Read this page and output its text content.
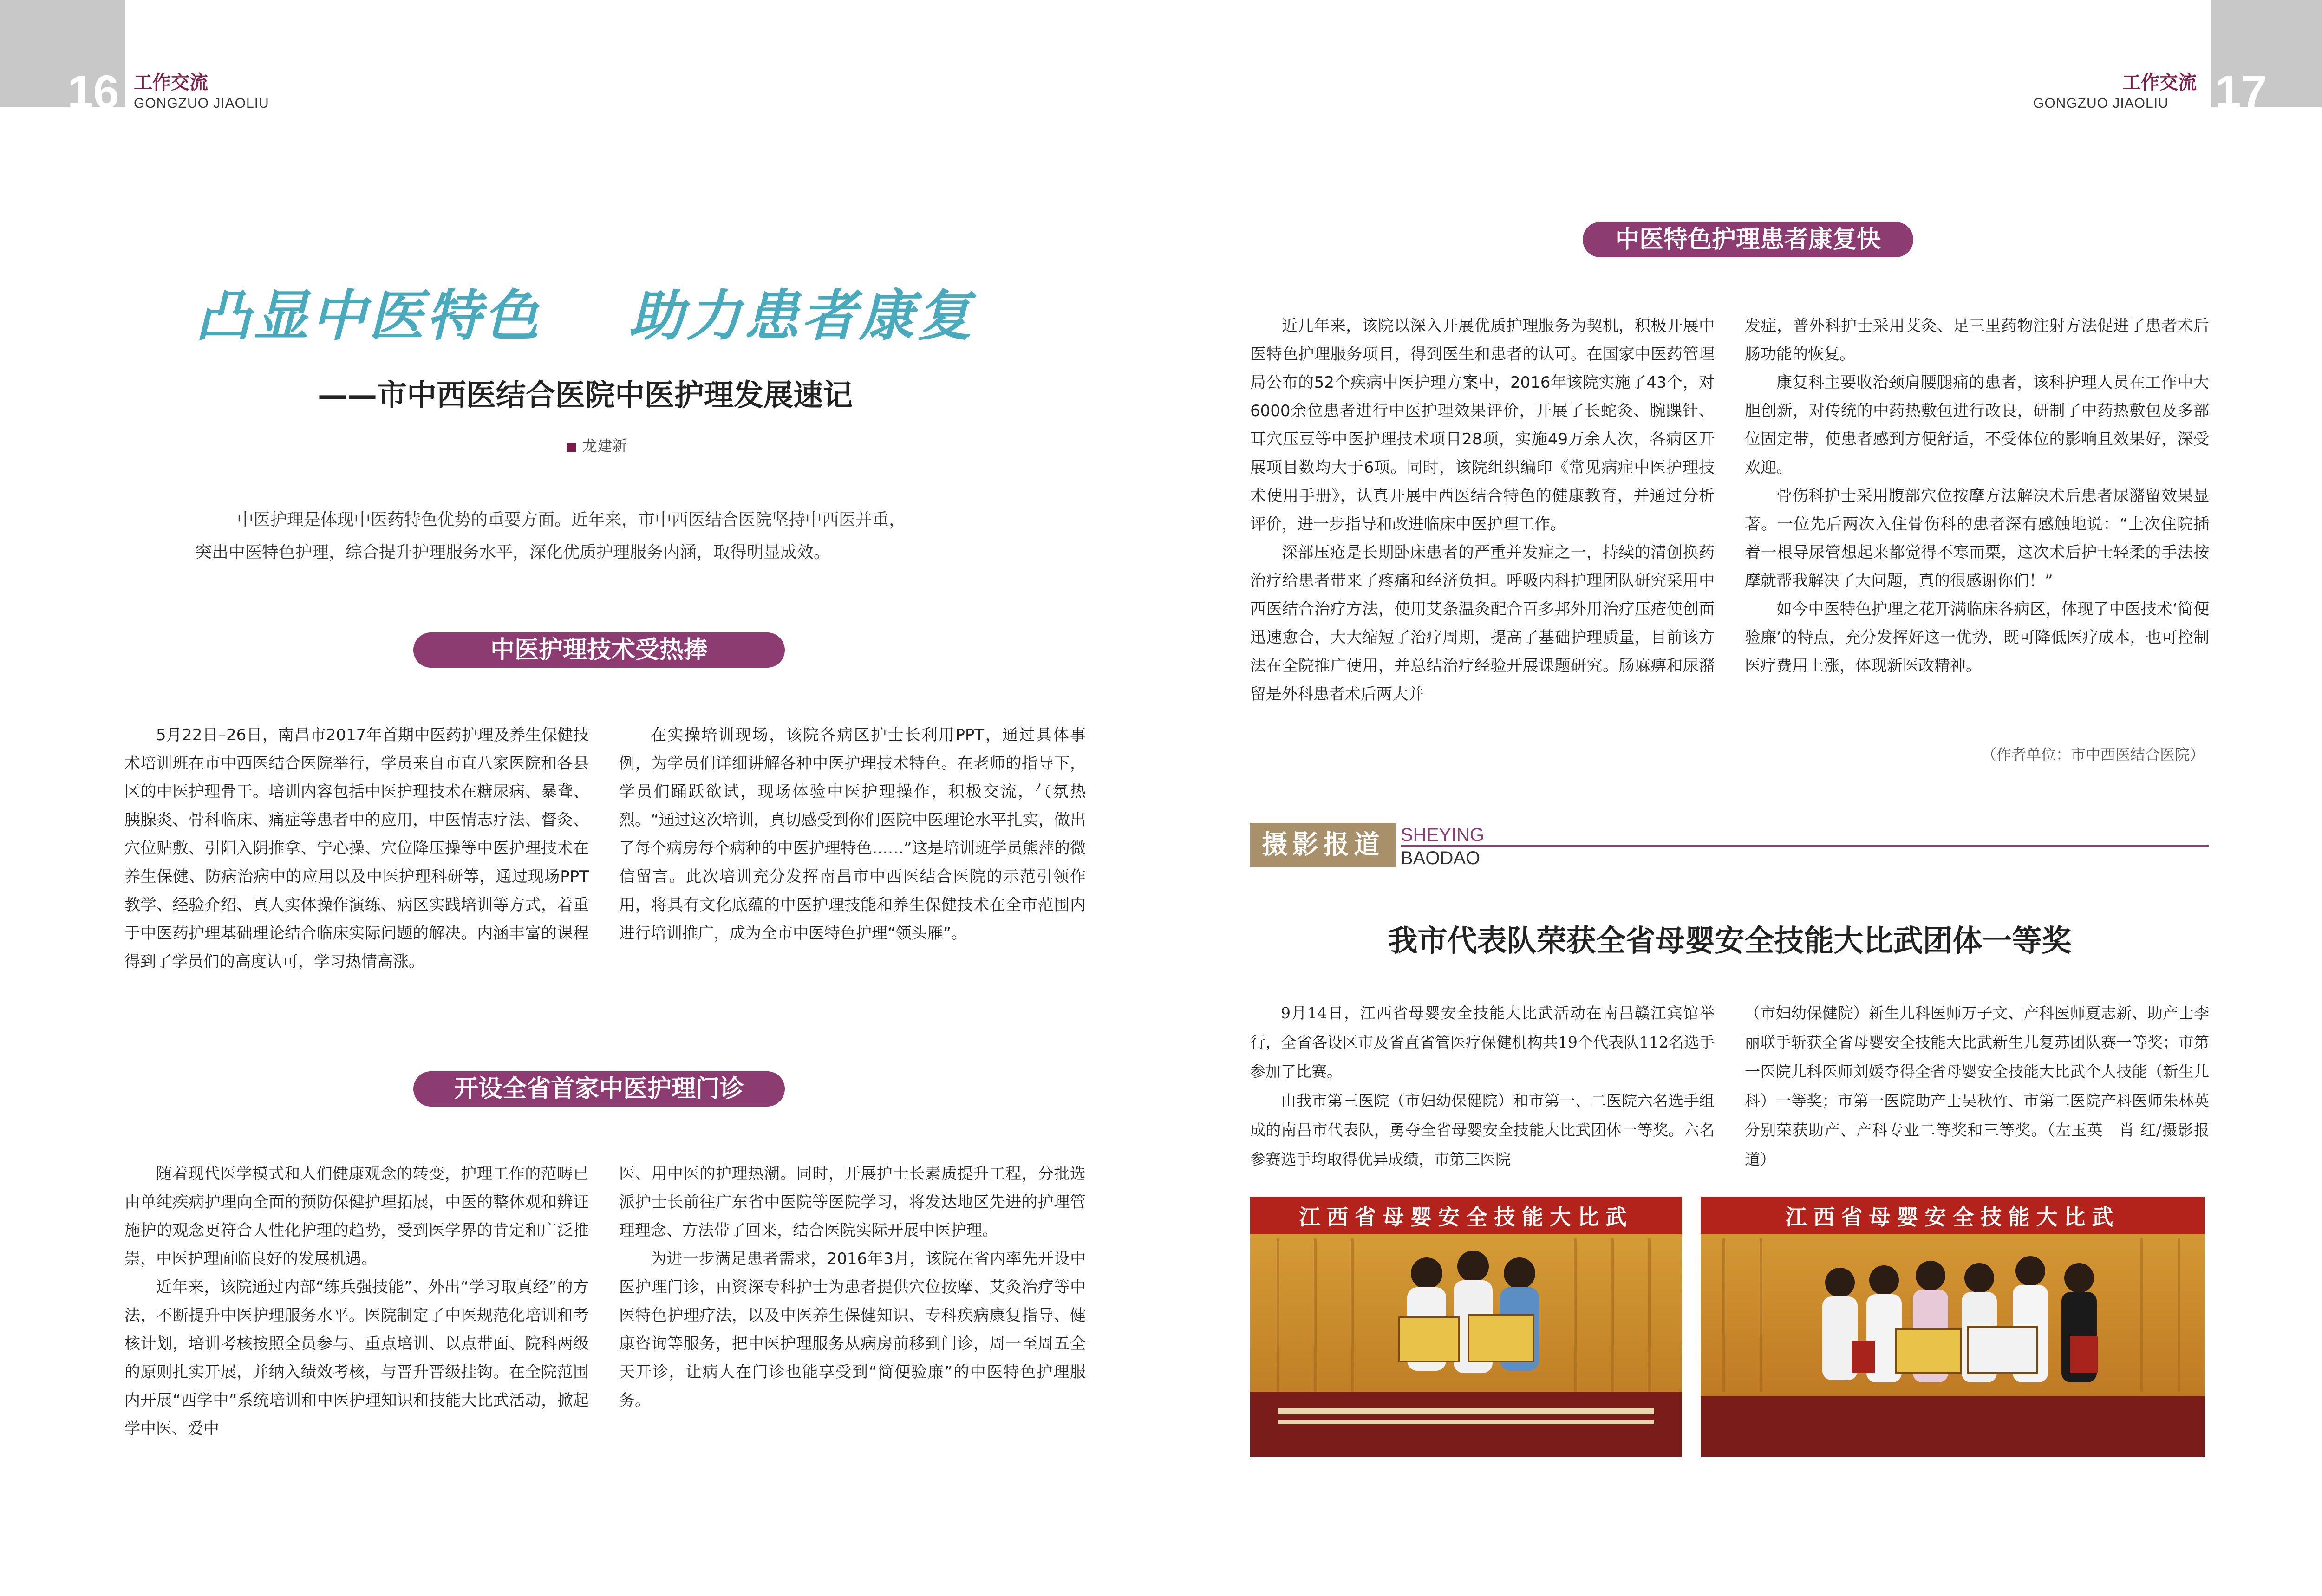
16 工作交流
GONGZUO JIAOLIU
凸显中医特色 助力患者康复
——市中西医结合医院中医护理发展速记
龙建新
中医护理是体现中医药特色优势的重要方面。近年来，市中西医结合医院坚持中西医并重，
突出中医特色护理，综合提升护理服务水平，深化优质护理服务内涵，取得明显成效。
中医护理技术受热捧

5月22日–26日，南昌市2017年首期中医药护理及养生保健技术培训班在市中西医结合医院举行，学员来自市直八家医院和各县区的中医护理骨干。培训内容包括中医护理技术在糖尿病、暴聋、胰腺炎、骨科临床、痛症等患者中的应用，中医情志疗法、督灸、穴位贴敷、引阳入阴推拿、宁心操、穴位降压操等中医护理技术在养生保健、防病治病中的应用以及中医护理科研等，通过现场PPT教学、经验介绍、真人实体操作演练、病区实践培训等方式，着重于中医药护理基础理论结合临床实际问题的解决。内涵丰富的课程得到了学员们的高度认可，学习热情高涨。

在实操培训现场，该院各病区护士长利用PPT，通过具体事例，为学员们详细讲解各种中医护理技术特色。在老师的指导下，学员们踊跃欲试，现场体验中医护理操作，积极交流，气氛热烈。“通过这次培训，真切感受到你们医院中医理论水平扎实，做出了每个病房每个病种的中医护理特色……”这是培训班学员熊萍的微信留言。此次培训充分发挥南昌市中西医结合医院的示范引领作用，将具有文化底蕴的中医护理技能和养生保健技术在全市范围内进行培训推广，成为全市中医特色护理“领头雁”。

开设全省首家中医护理门诊

随着现代医学模式和人们健康观念的转变，护理工作的范畴已由单纯疾病护理向全面的预防保健护理拓展，中医的整体观和辨证施护的观念更符合人性化护理的趋势，受到医学界的肯定和广泛推崇，中医护理面临良好的发展机遇。

近年来，该院通过内部“练兵强技能”、外出“学习取真经”的方法，不断提升中医护理服务水平。医院制定了中医规范化培训和考核计划，培训考核按照全员参与、重点培训、以点带面、院科两级的原则扎实开展，并纳入绩效考核，与晋升晋级挂钩。在全院范围内开展“西学中”系统培训和中医护理知识和技能大比武活动，掀起学中医、爱中

医、用中医的护理热潮。同时，开展护士长素质提升工程，分批选派护士长前往广东省中医院等医院学习，将发达地区先进的护理管理理念、方法带了回来，结合医院实际开展中医护理。

为进一步满足患者需求，2016年3月，该院在省内率先开设中医护理门诊，由资深专科护士为患者提供穴位按摩、艾灸治疗等中医特色护理疗法，以及中医养生保健知识、专科疾病康复指导、健康咨询等服务，把中医护理服务从病房前移到门诊，周一至周五全天开诊，让病人在门诊也能享受到“简便验廉”的中医特色护理服务。

17
工作交流
GONGZUO JIAOLIU
中医特色护理患者康复快

近几年来，该院以深入开展优质护理服务为契机，积极开展中医特色护理服务项目，得到医生和患者的认可。在国家中医药管理局公布的52个疾病中医护理方案中，2016年该院实施了43个，对6000余位患者进行中医护理效果评价，开展了长蛇灸、腕踝针、耳穴压豆等中医护理技术项目28项，实施49万余人次，各病区开展项目数均大于6项。同时，该院组织编印《常见病症中医护理技术使用手册》，认真开展中西医结合特色的健康教育，并通过分析评价，进一步指导和改进临床中医护理工作。

深部压疮是长期卧床患者的严重并发症之一，持续的清创换药治疗给患者带来了疼痛和经济负担。呼吸内科护理团队研究采用中西医结合治疗方法，使用艾条温灸配合百多邦外用治疗压疮使创面迅速愈合，大大缩短了治疗周期，提高了基础护理质量，目前该方法在全院推广使用，并总结治疗经验开展课题研究。肠麻痹和尿潴留是外科患者术后两大并

发症，普外科护士采用艾灸、足三里药物注射方法促进了患者术后肠功能的恢复。

康复科主要收治颈肩腰腿痛的患者，该科护理人员在工作中大胆创新，对传统的中药热敷包进行改良，研制了中药热敷包及多部位固定带，使患者感到方便舒适，不受体位的影响且效果好，深受欢迎。

骨伤科护士采用腹部穴位按摩方法解决术后患者尿潴留效果显著。一位先后两次入住骨伤科的患者深有感触地说：“上次住院插着一根导尿管想起来都觉得不寒而栗，这次术后护士轻柔的手法按摩就帮我解决了大问题，真的很感谢你们！”

如今中医特色护理之花开满临床各病区，体现了中医技术‘简便验廉’的特点，充分发挥好这一优势，既可降低医疗成本，也可控制医疗费用上涨，体现新医改精神。

（作者单位：市中西医结合医院）
摄影报道 SHEYING
BAODAO
我市代表队荣获全省母婴安全技能大比武团体一等奖

9月14日，江西省母婴安全技能大比武活动在南昌赣江宾馆举行，全省各设区市及省直省管医疗保健机构共19个代表队112名选手参加了比赛。

由我市第三医院（市妇幼保健院）和市第一、二医院六名选手组成的南昌市代表队，勇夺全省母婴安全技能大比武团体一等奖。六名参赛选手均取得优异成绩，市第三医院

（市妇幼保健院）新生儿科医师万子文、产科医师夏志新、助产士李丽联手斩获全省母婴安全技能大比武新生儿复苏团队赛一等奖；市第一医院儿科医师刘媛夺得全省母婴安全技能大比武个人技能（新生儿科）一等奖；市第一医院助产士吴秋竹、市第二医院产科医师朱林英分别荣获助产、产科专业二等奖和三等奖。（左玉英　肖 红/摄影报道）

江西省母婴安全技能大比武	江西省母婴安全技能大比武
